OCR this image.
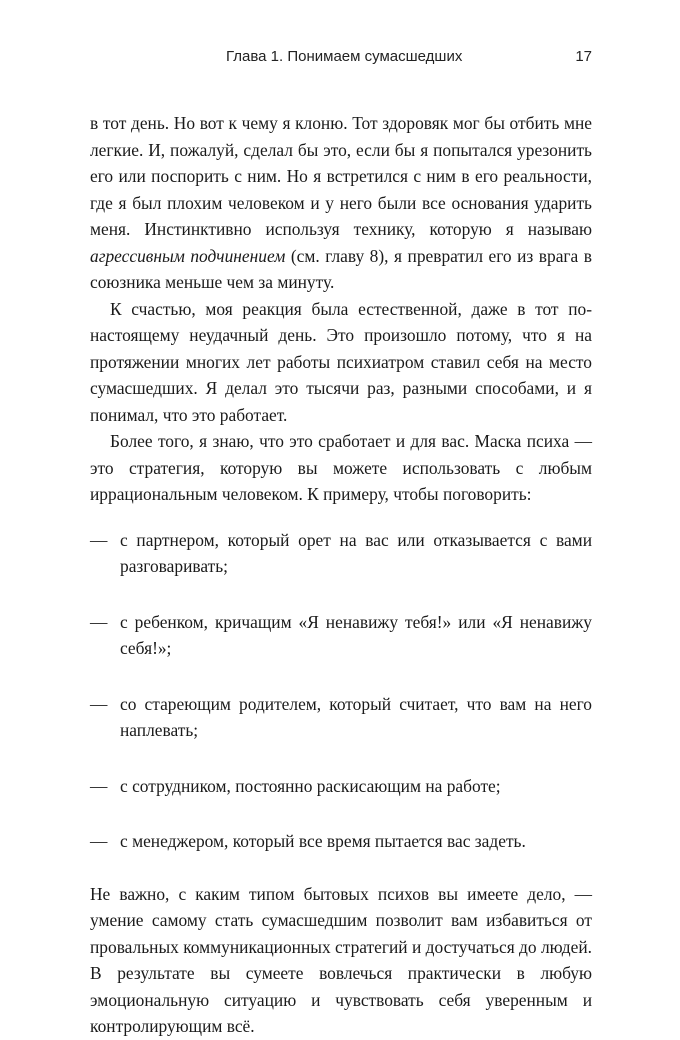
Глава 1. Понимаем сумасшедших	17

в тот день. Но вот к чему я клоню. Тот здоровяк мог бы отбить мне легкие. И, пожалуй, сделал бы это, если бы я попытался урезонить его или поспорить с ним. Но я встретился с ним в его реальности, где я был плохим человеком и у него были все основания ударить меня. Инстинктивно используя технику, которую я называю агрессивным подчинением (см. главу 8), я превратил его из врага в союзника меньше чем за минуту.

К счастью, моя реакция была естественной, даже в тот по-настоящему неудачный день. Это произошло потому, что я на протяжении многих лет работы психиатром ставил себя на место сумасшедших. Я делал это тысячи раз, разными способами, и я понимал, что это работает.

Более того, я знаю, что это сработает и для вас. Маска психа — это стратегия, которую вы можете использовать с любым иррациональным человеком. К примеру, чтобы поговорить:

— с партнером, который орет на вас или отказывается с вами разговаривать;
— с ребенком, кричащим «Я ненавижу тебя!» или «Я ненавижу себя!»;
— со стареющим родителем, который считает, что вам на него наплевать;
— с сотрудником, постоянно раскисающим на работе;
— с менеджером, который все время пытается вас задеть.

Не важно, с каким типом бытовых психов вы имеете дело, — умение самому стать сумасшедшим позволит вам избавиться от провальных коммуникационных стратегий и достучаться до людей. В результате вы сумеете вовлечься практически в любую эмоциональную ситуацию и чувствовать себя уверенным и контролирующим всё.
